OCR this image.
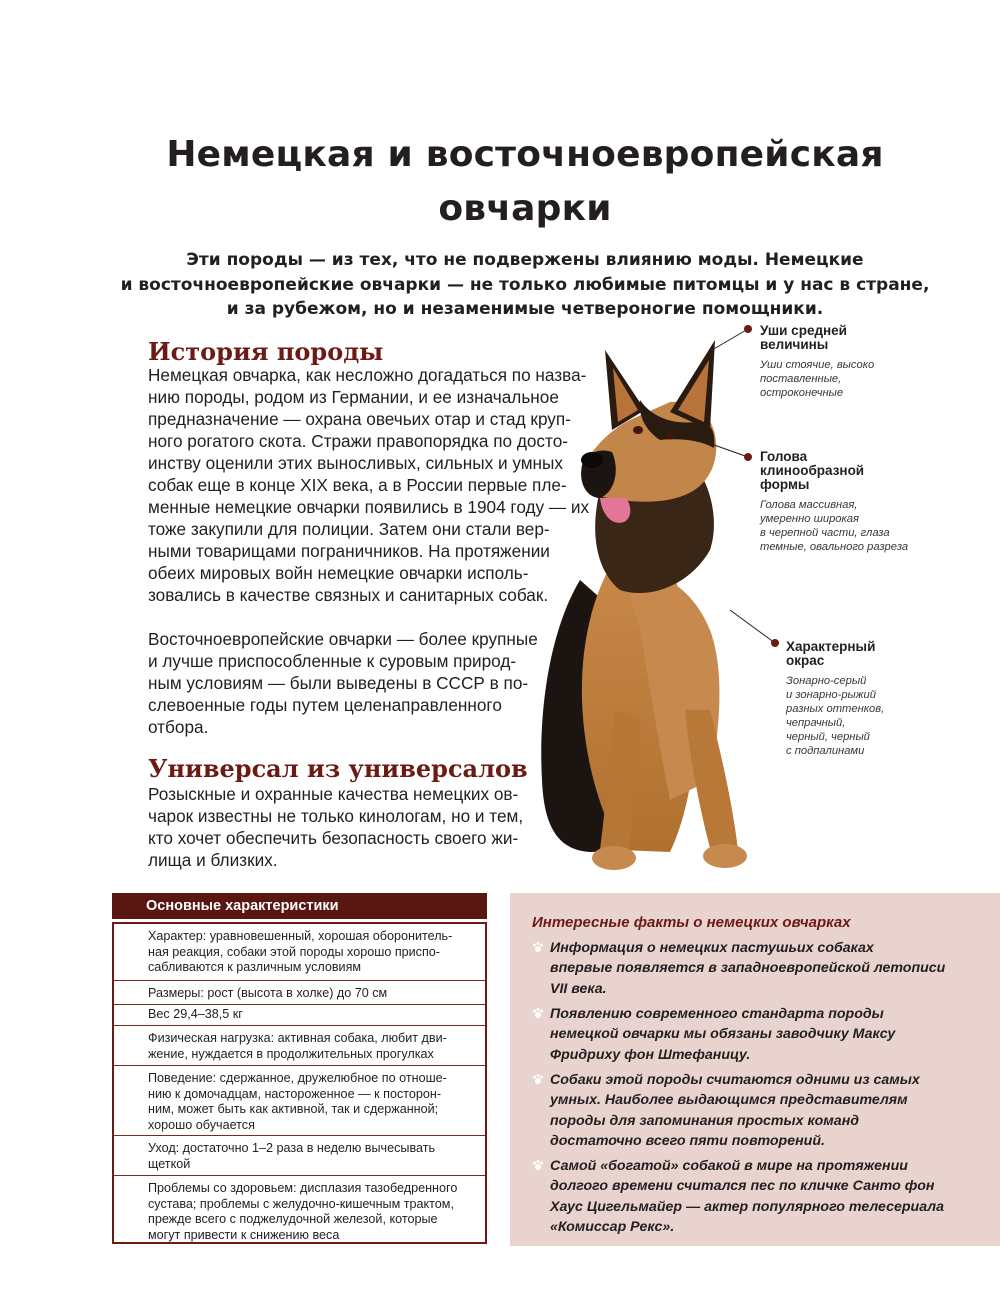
Немецкая и восточноевропейская
овчарки
Эти породы — из тех, что не подвержены влиянию моды. Немецкие
и восточноевропейские овчарки — не только любимые питомцы и у нас в стране,
и за рубежом, но и незаменимые четвероногие помощники.
История породы
Немецкая овчарка, как несложно догадаться по назва-
нию породы, родом из Германии, и ее изначальное
предназначение — охрана овечьих отар и стад круп-
ного рогатого скота. Стражи правопорядка по досто-
инству оценили этих выносливых, сильных и умных
собак еще в конце XIX века, а в России первые пле-
менные немецкие овчарки появились в 1904 году — их
тоже закупили для полиции. Затем они стали вер-
ными товарищами пограничников. На протяжении
обеих мировых войн немецкие овчарки исполь-
зовались в качестве связных и санитарных собак.
Восточноевропейские овчарки — более крупные
и лучше приспособленные к суровым природ-
ным условиям — были выведены в СССР в по-
слевоенные годы путем целенаправленного
отбора.
Универсал из универсалов
Розыскные и охранные качества немецких ов-
чарок известны не только кинологам, но и тем,
кто хочет обеспечить безопасность своего жи-
лища и близких.
Уши средней
величины
Уши стоячие, высоко
поставленные,
остроконечные
Голова
клинообразной
формы
Голова массивная,
умеренно широкая
в черепной части, глаза
темные, овального разреза
Характерный
окрас
Зонарно-серый
и зонарно-рыжий
разных оттенков,
чепрачный,
черный, черный
с подпалинами
Основные характеристики
Характер: уравновешенный, хорошая оборонитель-
ная реакция, собаки этой породы хорошо приспо-
сабливаются к различным условиям
Размеры: рост (высота в холке) до 70 см
Вес 29,4–38,5 кг
Физическая нагрузка: активная собака, любит дви-
жение, нуждается в продолжительных прогулках
Поведение: сдержанное, дружелюбное по отноше-
нию к домочадцам, настороженное — к посторон-
ним, может быть как активной, так и сдержанной;
хорошо обучается
Уход: достаточно 1–2 раза в неделю вычесывать
щеткой
Проблемы со здоровьем: дисплазия тазобедренного
сустава; проблемы с желудочно-кишечным трактом,
прежде всего с поджелудочной железой, которые
могут привести к снижению веса
Интересные факты о немецких овчарках
Информация о немецких пастушьих собаках
впервые появляется в западноевропейской летописи
VII века.
Появлению современного стандарта породы
немецкой овчарки мы обязаны заводчику Максу
Фридриху фон Штефаницу.
Собаки этой породы считаются одними из самых
умных. Наиболее выдающимся представителям
породы для запоминания простых команд
достаточно всего пяти повторений.
Самой «богатой» собакой в мире на протяжении
долгого времени считался пес по кличке Санто фон
Хаус Цигельмайер — актер популярного телесериала
«Комиссар Рекс».
